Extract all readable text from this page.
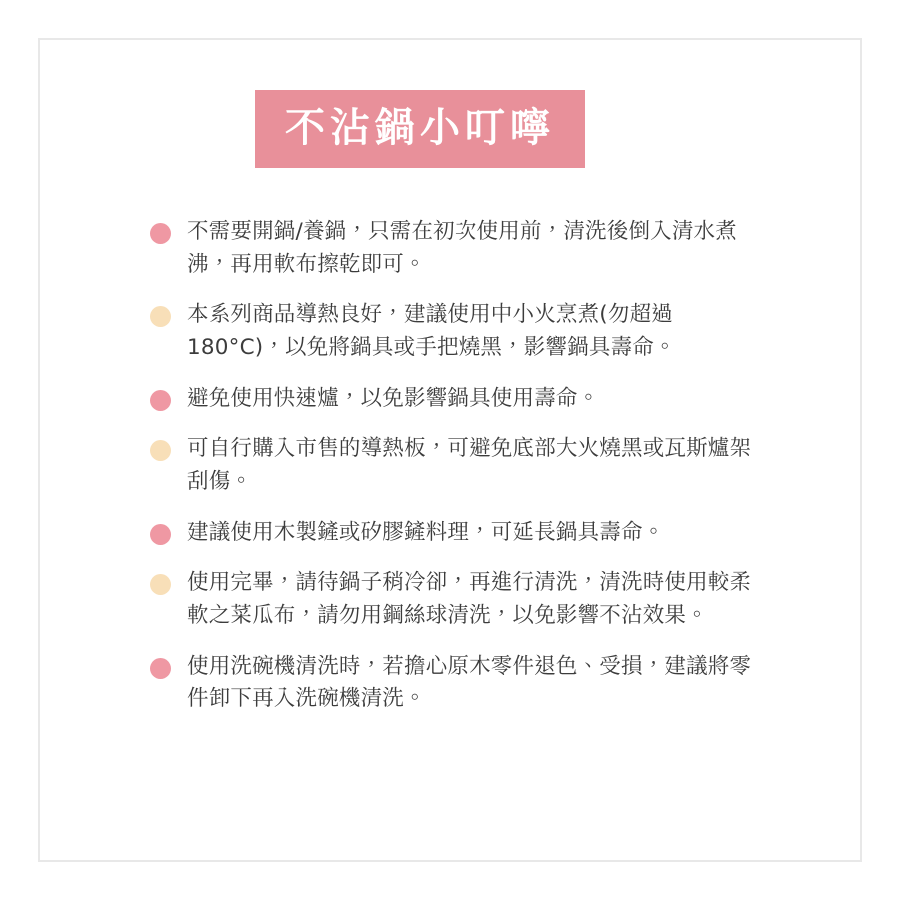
不沾鍋小叮嚀
不需要開鍋/養鍋，只需在初次使用前，清洗後倒入清水煮沸，再用軟布擦乾即可。
本系列商品導熱良好，建議使用中小火烹煮(勿超過180°C)，以免將鍋具或手把燒黑，影響鍋具壽命。
避免使用快速爐，以免影響鍋具使用壽命。
可自行購入市售的導熱板，可避免底部大火燒黑或瓦斯爐架刮傷。
建議使用木製鏟或矽膠鏟料理，可延長鍋具壽命。
使用完畢，請待鍋子稍冷卻，再進行清洗，清洗時使用較柔軟之菜瓜布，請勿用鋼絲球清洗，以免影響不沾效果。
使用洗碗機清洗時，若擔心原木零件退色、受損，建議將零件卸下再入洗碗機清洗。
